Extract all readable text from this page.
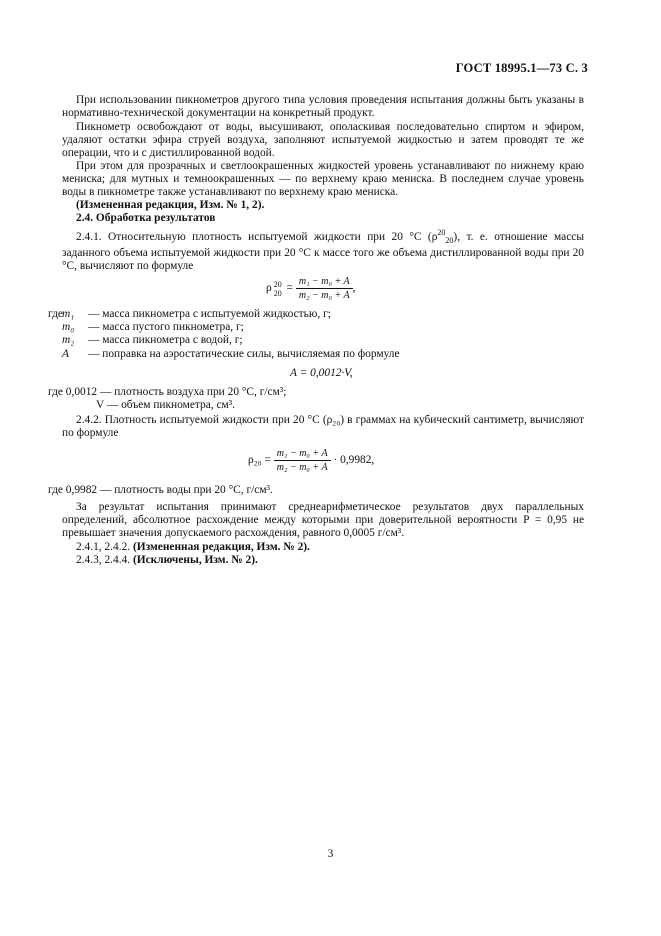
ГОСТ 18995.1—73 С. 3
При использовании пикнометров другого типа условия проведения испытания должны быть указаны в нормативно-технической документации на конкретный продукт.
Пикнометр освобождают от воды, высушивают, ополаскивая последовательно спиртом и эфиром, удаляют остатки эфира струей воздуха, заполняют испытуемой жидкостью и затем проводят те же операции, что и с дистиллированной водой.
При этом для прозрачных и светлоокрашенных жидкостей уровень устанавливают по нижнему краю мениска; для мутных и темноокрашенных — по верхнему краю мениска. В последнем случае уровень воды в пикнометре также устанавливают по верхнему краю мениска.
(Измененная редакция, Изм. № 1, 2).
2.4. Обработка результатов
2.4.1. Относительную плотность испытуемой жидкости при 20 °С $(\rho^{20}_{20})$, т. е. отношение массы заданного объема испытуемой жидкости при 20 °С к массе того же объема дистиллированной воды при 20 °С, вычисляют по формуле
ρ 20
$20 = \frac{\text{m₁ − m₀ + A}}{\text{m₂ − m₀ + A}}$ ,
гдеm₁ — масса пикнометра с испытуемой жидкостью, г;
m₀ — масса пустого пикнометра, г;
m₂ — масса пикнометра с водой, г;
A — поправка на аэростатические силы, вычисляемая по формуле
A = 0,0012·V,
где 0,0012 — плотность воздуха при 20 °С, г/см³;
V — объем пикнометра, см³.
2.4.2. Плотность испытуемой жидкости при 20 °С (ρ₂₀) в граммах на кубический сантиметр, вычисляют по формуле
$\rho_{20} = \frac{\text{m₁ − m₀ + A}}{\text{m₂ − m₀ + A}} \cdot 0,9982$,
где 0,9982 — плотность воды при 20 °С, г/см³.
За результат испытания принимают среднеарифметическое результатов двух параллельных определений, абсолютное расхождение между которыми при доверительной вероятности P = 0,95 не превышает значения допускаемого расхождения, равного 0,0005 г/см³.
2.4.1, 2.4.2. (Измененная редакция, Изм. № 2).
2.4.3, 2.4.4. (Исключены, Изм. № 2).
3
